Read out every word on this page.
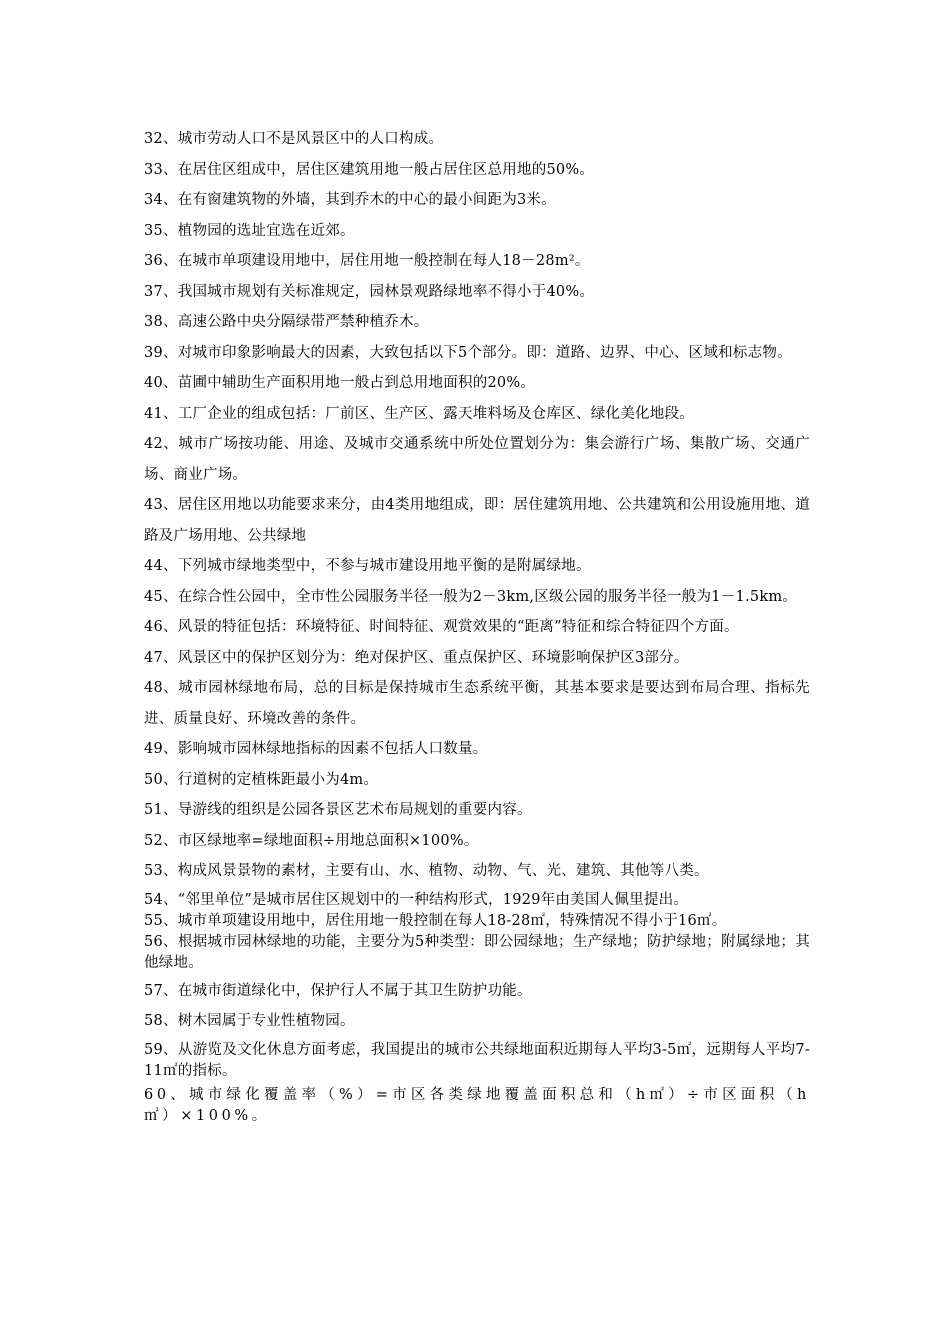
32、城市劳动人口不是风景区中的人口构成。
33、在居住区组成中，居住区建筑用地一般占居住区总用地的50%。
34、在有窗建筑物的外墙，其到乔木的中心的最小间距为3米。
35、植物园的选址宜选在近郊。
36、在城市单项建设用地中，居住用地一般控制在每人18－28m²。
37、我国城市规划有关标准规定，园林景观路绿地率不得小于40%。
38、高速公路中央分隔绿带严禁种植乔木。
39、对城市印象影响最大的因素，大致包括以下5个部分。即：道路、边界、中心、区域和标志物。
40、苗圃中辅助生产面积用地一般占到总用地面积的20%。
41、工厂企业的组成包括：厂前区、生产区、露天堆料场及仓库区、绿化美化地段。
42、城市广场按功能、用途、及城市交通系统中所处位置划分为：集会游行广场、集散广场、交通广场、商业广场。
43、居住区用地以功能要求来分，由4类用地组成，即：居住建筑用地、公共建筑和公用设施用地、道路及广场用地、公共绿地
44、下列城市绿地类型中，不参与城市建设用地平衡的是附属绿地。
45、在综合性公园中，全市性公园服务半径一般为2－3km,区级公园的服务半径一般为1－1.5km。
46、风景的特征包括：环境特征、时间特征、观赏效果的“距离”特征和综合特征四个方面。
47、风景区中的保护区划分为：绝对保护区、重点保护区、环境影响保护区3部分。
48、城市园林绿地布局，总的目标是保持城市生态系统平衡，其基本要求是要达到布局合理、指标先进、质量良好、环境改善的条件。
49、影响城市园林绿地指标的因素不包括人口数量。
50、行道树的定植株距最小为4m。
51、导游线的组织是公园各景区艺术布局规划的重要内容。
52、市区绿地率=绿地面积÷用地总面积×100%。
53、构成风景景物的素材，主要有山、水、植物、动物、气、光、建筑、其他等八类。
54、“邻里单位”是城市居住区规划中的一种结构形式，1929年由美国人佩里提出。
55、城市单项建设用地中，居住用地一般控制在每人18-28㎡，特殊情况不得小于16㎡。
56、根据城市园林绿地的功能，主要分为5种类型：即公园绿地；生产绿地；防护绿地；附属绿地；其他绿地。
57、在城市街道绿化中，保护行人不属于其卫生防护功能。
58、树木园属于专业性植物园。
59、从游览及文化休息方面考虑，我国提出的城市公共绿地面积近期每人平均3-5㎡，远期每人平均7-11㎡的指标。
60、城市绿化覆盖率（%）=市区各类绿地覆盖面积总和（h㎡）÷市区面积（h㎡）×100%。
